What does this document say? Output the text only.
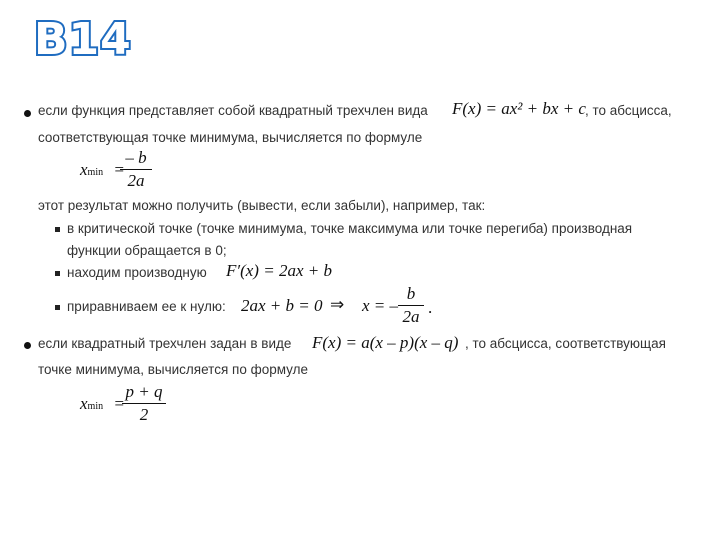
В14
если функция представляет собой квадратный трехчлен вида F(x) = ax² + bx + c , то абсцисса,
соответствующая точке минимума, вычисляется по формуле
xmin =
– b
2a
этот результат можно получить (вывести, если забыли), например, так:
в критической точке (точке минимума, точке максимума или точке перегиба) производная
функции обращается в 0;
находим производную F′(x) = 2ax + b
приравниваем ее к нулю: 2ax + b = 0 ⇒ x = –
b
2a .
если квадратный трехчлен задан в виде F(x) = a(x – p)(x – q) , то абсцисса, соответствующая
точке минимума, вычисляется по формуле
xmin =
p + q
2
